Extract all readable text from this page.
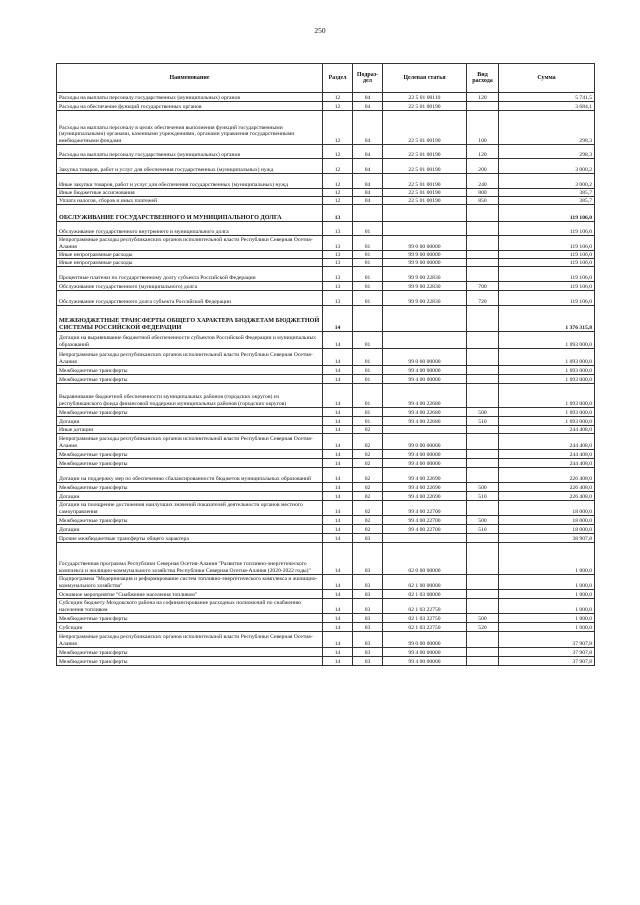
250
Наименование	Раздел	Подраз-дел	Целевая статья	Вид расхода	Сумма
Расходы на выплаты персоналу государственных (муниципальных) органов	12	04	22 5 01 00110	120	5 741,5
Расходы на обеспечение функций государственных органов	12	04	22 5 01 00190		3 684,1
Расходы на выплаты персоналу в целях обеспечения выполнения функций государственными (муниципальными) органами, казенными учреждениями, органами управления государственными внебюджетными фондами	12	04	22 5 01 00190	100	298,3
Расходы на выплаты персоналу государственных (муниципальных) органов	12	04	22 5 01 00190	120	298,3
Закупка товаров, работ и услуг для обеспечения государственных (муниципальных) нужд	12	04	22 5 01 00190	200	3 000,2
Иные закупки товаров, работ и услуг для обеспечения государственных (муниципальных) нужд	12	04	22 5 01 00190	240	3 000,2
Иные бюджетные ассигнования	12	04	22 5 01 00190	800	385,7
Уплата налогов, сборов и иных платежей	12	04	22 5 01 00190	850	385,7
ОБСЛУЖИВАНИЕ ГОСУДАРСТВЕННОГО И МУНИЦИПАЛЬНОГО ДОЛГА	13				119 106,0
Обслуживание государственного внутреннего и муниципального долга	13	01			119 106,0
Непрограммные расходы республиканских органов исполнительной власти Республики Северная Осетия-Алания	13	01	99 0 00 00000		119 106,0
Иные непрограммные расходы	13	01	99 9 00 00000		119 106,0
Иные непрограммные расходы	13	01	99 9 00 00000		119 106,0
Процентные платежи по государственному долгу субъекта Российской Федерации	13	01	99 9 00 22830		119 106,0
Обслуживание государственного (муниципального) долга	13	01	99 9 00 22830	700	119 106,0
Обслуживание государственного долга субъекта Российской Федерации	13	01	99 9 00 22830	720	119 106,0
МЕЖБЮДЖЕТНЫЕ ТРАНСФЕРТЫ ОБЩЕГО ХАРАКТЕРА БЮДЖЕТАМ БЮДЖЕТНОЙ СИСТЕМЫ РОССИЙСКОЙ ФЕДЕРАЦИИ	14				1 376 315,8
Дотации на выравнивание бюджетной обеспеченности субъектов Российской Федерации и муниципальных образований	14	01			1 093 000,0
Непрограммные расходы республиканских органов исполнительной власти Республики Северная Осетия-Алания	14	01	99 0 00 00000		1 093 000,0
Межбюджетные трансферты	14	01	99 4 00 00000		1 093 000,0
Межбюджетные трансферты	14	01	99 4 00 00000		1 093 000,0
Выравнивание бюджетной обеспеченности муниципальных районов (городских округов) из республиканского фонда финансовой поддержки муниципальных районов (городских округов)	14	01	99 4 00 22680		1 093 000,0
Межбюджетные трансферты	14	01	99 4 00 22680	500	1 093 000,0
Дотации	14	01	99 4 00 22680	510	1 093 000,0
Иные дотации	14	02			244 408,0
Непрограммные расходы республиканских органов исполнительной власти Республики Северная Осетия-Алания	14	02	99 0 00 00000		244 408,0
Межбюджетные трансферты	14	02	99 4 00 00000		244 408,0
Межбюджетные трансферты	14	02	99 4 00 00000		244 408,0
Дотации на поддержку мер по обеспечению сбалансированности бюджетов муниципальных образований	14	02	99 4 00 22690		226 408,0
Межбюджетные трансферты	14	02	99 4 00 22690	500	226 408,0
Дотации	14	02	99 4 00 22690	510	226 408,0
Дотации на поощрение достижения наилучших значений показателей деятельности органов местного самоуправления	14	02	99 4 00 22700		18 000,0
Межбюджетные трансферты	14	02	99 4 00 22700	500	18 000,0
Дотации	14	02	99 4 00 22700	510	18 000,0
Прочие межбюджетные трансферты общего характера	14	03			38 907,8
Государственная программа Республики Северная Осетия-Алания "Развитие топливно-энергетического комплекса и жилищно-коммунального хозяйства Республики Северная Осетия-Алания (2020-2022 годы)"	14	03	02 0 00 00000		1 000,0
Подпрограмма "Модернизация и реформирование систем топливно-энергетического комплекса и жилищно-коммунального хозяйства"	14	03	02 1 00 00000		1 000,0
Основное мероприятие "Снабжение населения топливом"	14	03	02 1 03 00000		1 000,0
Субсидии бюджету Моздокского района на софинансирование расходных полномочий по снабжению населения топливом	14	03	02 1 03 22750		1 000,0
Межбюджетные трансферты	14	03	02 1 03 22750	500	1 000,0
Субсидии	14	03	02 1 03 22750	520	1 000,0
Непрограммные расходы республиканских органов исполнительной власти Республики Северная Осетия-Алания	14	03	99 0 00 00000		37 907,8
Межбюджетные трансферты	14	03	99 4 00 00000		37 907,8
Межбюджетные трансферты	14	03	99 4 00 00000		37 907,8
